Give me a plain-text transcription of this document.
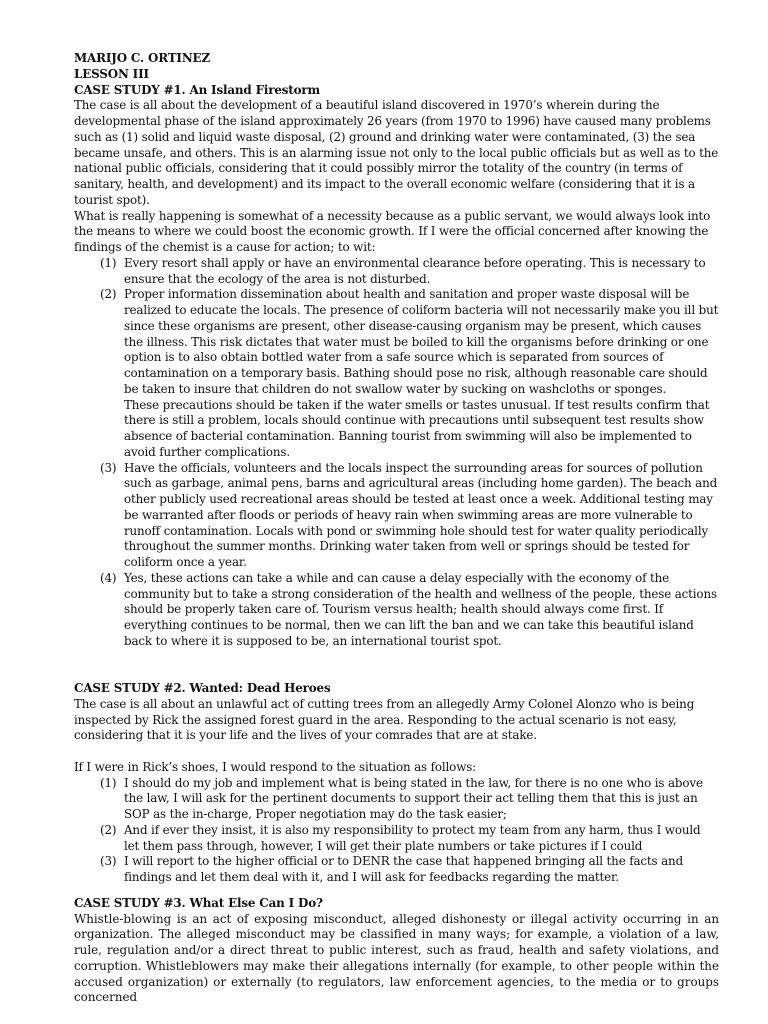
MARIJO C. ORTINEZ

LESSON III

CASE STUDY #1. An Island Firestorm

The case is all about the development of a beautiful island discovered in 1970’s wherein during the developmental phase of the island approximately 26 years (from 1970 to 1996) have caused many problems such as (1) solid and liquid waste disposal, (2) ground and drinking water were contaminated, (3) the sea became unsafe, and others. This is an alarming issue not only to the local public officials but as well as to the national public officials, considering that it could possibly mirror the totality of the country (in terms of sanitary, health, and development) and its impact to the overall economic welfare (considering that it is a tourist spot).

What is really happening is somewhat of a necessity because as a public servant, we would always look into the means to where we could boost the economic growth. If I were the official concerned after knowing the findings of the chemist is a cause for action; to wit:

(1) Every resort shall apply or have an environmental clearance before operating. This is necessary to ensure that the ecology of the area is not disturbed.
(2) Proper information dissemination about health and sanitation and proper waste disposal will be realized to educate the locals. The presence of coliform bacteria will not necessarily make you ill but since these organisms are present, other disease-causing organism may be present, which causes the illness. This risk dictates that water must be boiled to kill the organisms before drinking or one option is to also obtain bottled water from a safe source which is separated from sources of contamination on a temporary basis. Bathing should pose no risk, although reasonable care should be taken to insure that children do not swallow water by sucking on washcloths or sponges.
These precautions should be taken if the water smells or tastes unusual. If test results confirm that there is still a problem, locals should continue with precautions until subsequent test results show absence of bacterial contamination. Banning tourist from swimming will also be implemented to avoid further complications.
(3) Have the officials, volunteers and the locals inspect the surrounding areas for sources of pollution such as garbage, animal pens, barns and agricultural areas (including home garden). The beach and other publicly used recreational areas should be tested at least once a week. Additional testing may be warranted after floods or periods of heavy rain when swimming areas are more vulnerable to runoff contamination. Locals with pond or swimming hole should test for water quality periodically throughout the summer months. Drinking water taken from well or springs should be tested for coliform once a year.
(4) Yes, these actions can take a while and can cause a delay especially with the economy of the community but to take a strong consideration of the health and wellness of the people, these actions should be properly taken care of. Tourism versus health; health should always come first. If everything continues to be normal, then we can lift the ban and we can take this beautiful island back to where it is supposed to be, an international tourist spot.

CASE STUDY #2. Wanted: Dead Heroes

The case is all about an unlawful act of cutting trees from an allegedly Army Colonel Alonzo who is being inspected by Rick the assigned forest guard in the area. Responding to the actual scenario is not easy, considering that it is your life and the lives of your comrades that are at stake.

If I were in Rick’s shoes, I would respond to the situation as follows:

(1) I should do my job and implement what is being stated in the law, for there is no one who is above the law, I will ask for the pertinent documents to support their act telling them that this is just an SOP as the in-charge, Proper negotiation may do the task easier;
(2) And if ever they insist, it is also my responsibility to protect my team from any harm, thus I would let them pass through, however, I will get their plate numbers or take pictures if I could
(3) I will report to the higher official or to DENR the case that happened bringing all the facts and findings and let them deal with it, and I will ask for feedbacks regarding the matter.

CASE STUDY #3. What Else Can I Do?

Whistle-blowing is an act of exposing misconduct, alleged dishonesty or illegal activity occurring in an organization. The alleged misconduct may be classified in many ways; for example, a violation of a law, rule, regulation and/or a direct threat to public interest, such as fraud, health and safety violations, and corruption. Whistleblowers may make their allegations internally (for example, to other people within the accused organization) or externally (to regulators, law enforcement agencies, to the media or to groups concerned
